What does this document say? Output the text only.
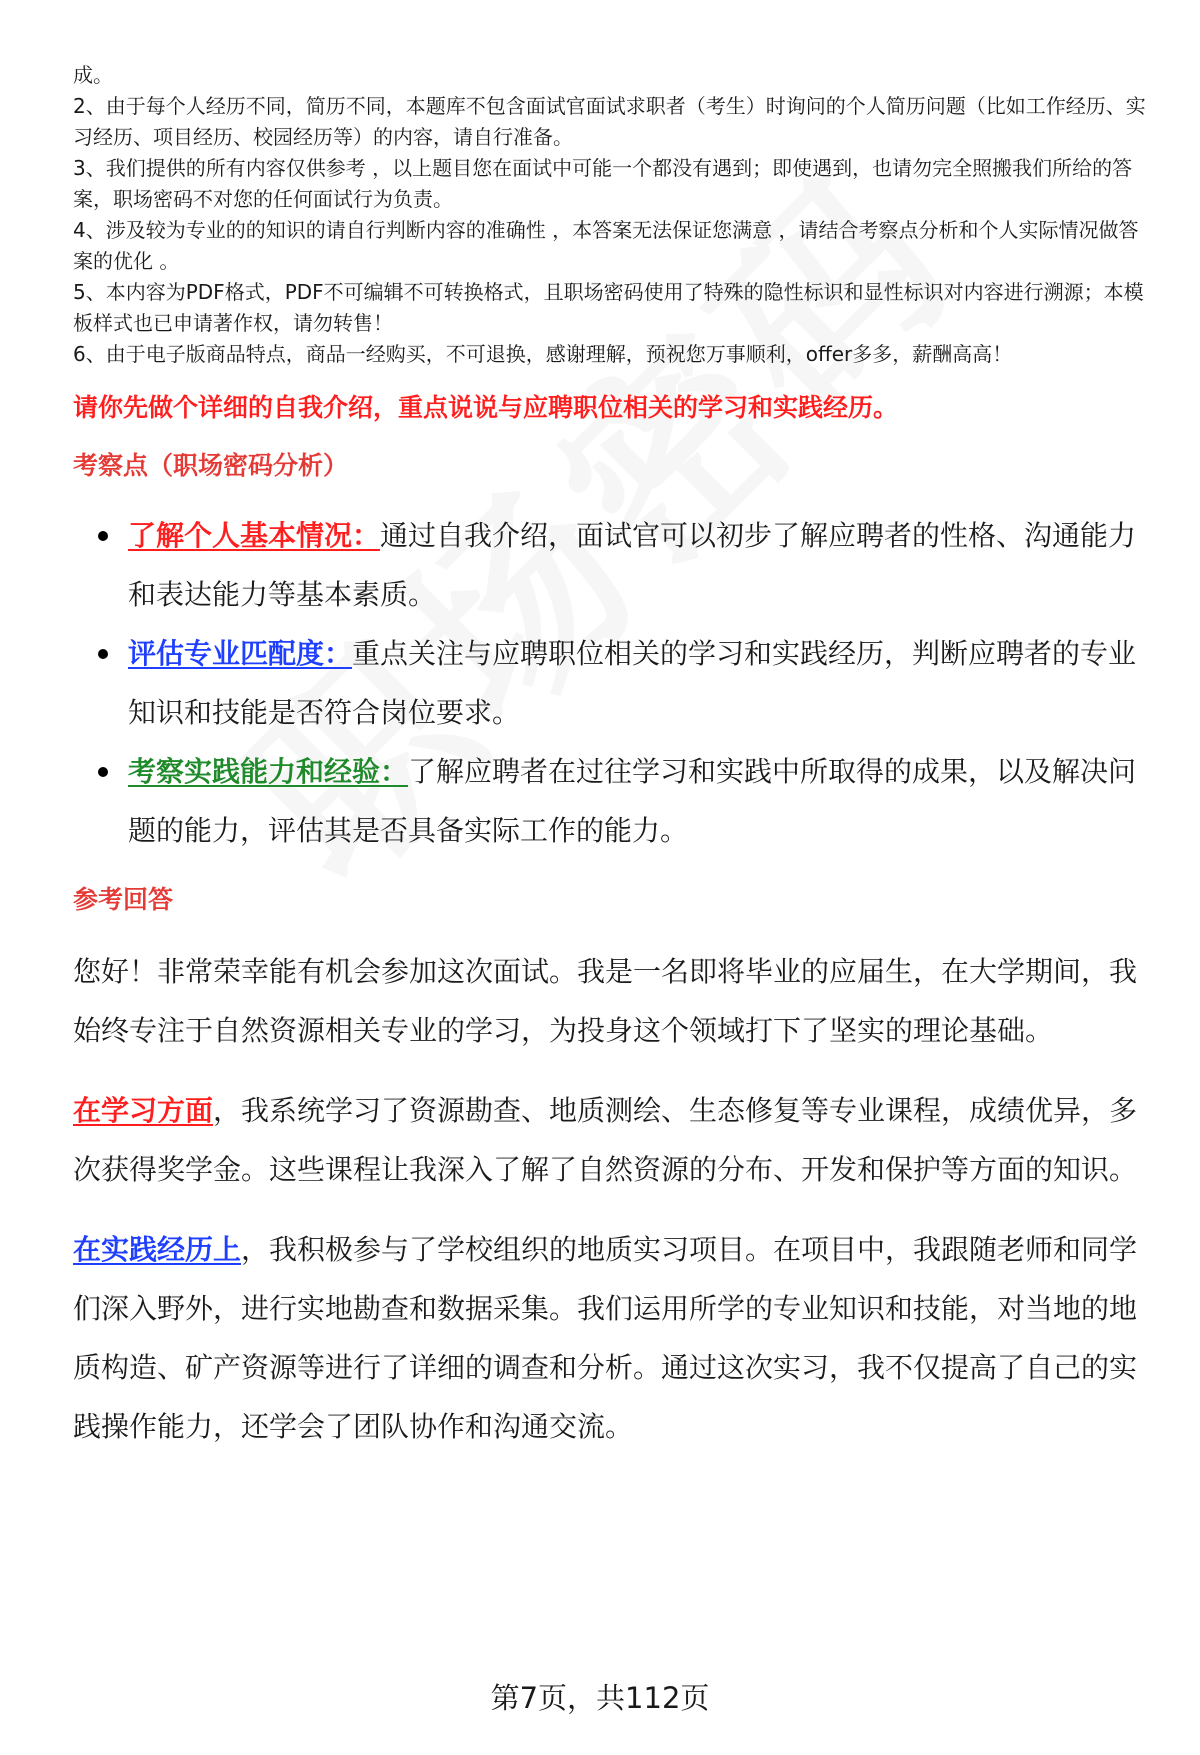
成。

2、由于每个人经历不同，简历不同，本题库不包含面试官面试求职者（考生）时询问的个人简历问题（比如工作经历、实习经历、项目经历、校园经历等）的内容，请自行准备。

3、我们提供的所有内容仅供参考 ，以上题目您在面试中可能一个都没有遇到；即使遇到，也请勿完全照搬我们所给的答案，职场密码不对您的任何面试行为负责。

4、涉及较为专业的的知识的请自行判断内容的准确性 ，本答案无法保证您满意 ，请结合考察点分析和个人实际情况做答案的优化 。

5、本内容为PDF格式，PDF不可编辑不可转换格式，且职场密码使用了特殊的隐性标识和显性标识对内容进行溯源；本模板样式也已申请著作权，请勿转售！

6、由于电子版商品特点，商品一经购买，不可退换，感谢理解，预祝您万事顺利，offer多多，薪酬高高！

请你先做个详细的自我介绍，重点说说与应聘职位相关的学习和实践经历。
考察点（职场密码分析）
了解个人基本情况：通过自我介绍，面试官可以初步了解应聘者的性格、沟通能力和表达能力等基本素质。
评估专业匹配度：重点关注与应聘职位相关的学习和实践经历，判断应聘者的专业知识和技能是否符合岗位要求。
考察实践能力和经验：了解应聘者在过往学习和实践中所取得的成果，以及解决问题的能力，评估其是否具备实际工作的能力。
参考回答

您好！非常荣幸能有机会参加这次面试。我是一名即将毕业的应届生，在大学期间，我始终专注于自然资源相关专业的学习，为投身这个领域打下了坚实的理论基础。

在学习方面，我系统学习了资源勘查、地质测绘、生态修复等专业课程，成绩优异，多次获得奖学金。这些课程让我深入了解了自然资源的分布、开发和保护等方面的知识。

在实践经历上，我积极参与了学校组织的地质实习项目。在项目中，我跟随老师和同学们深入野外，进行实地勘查和数据采集。我们运用所学的专业知识和技能，对当地的地质构造、矿产资源等进行了详细的调查和分析。通过这次实习，我不仅提高了自己的实践操作能力，还学会了团队协作和沟通交流。

第7页，共112页
